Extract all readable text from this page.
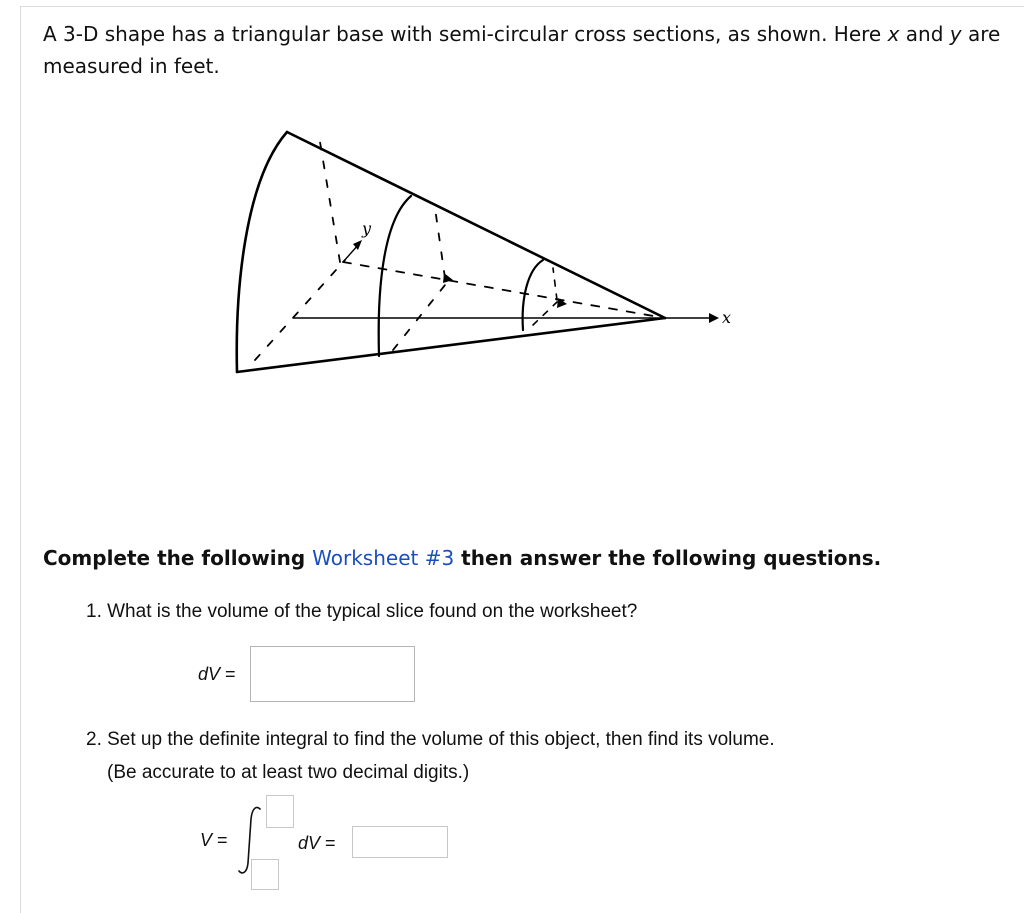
A 3-D shape has a triangular base with semi-circular cross sections, as shown. Here x and y are measured in feet.
y
x
Complete the following Worksheet #3 then answer the following questions.
1. What is the volume of the typical slice found on the worksheet?
dV =
2. Set up the definite integral to find the volume of this object, then find its volume.
(Be accurate to at least two decimal digits.)
V =	dV =
